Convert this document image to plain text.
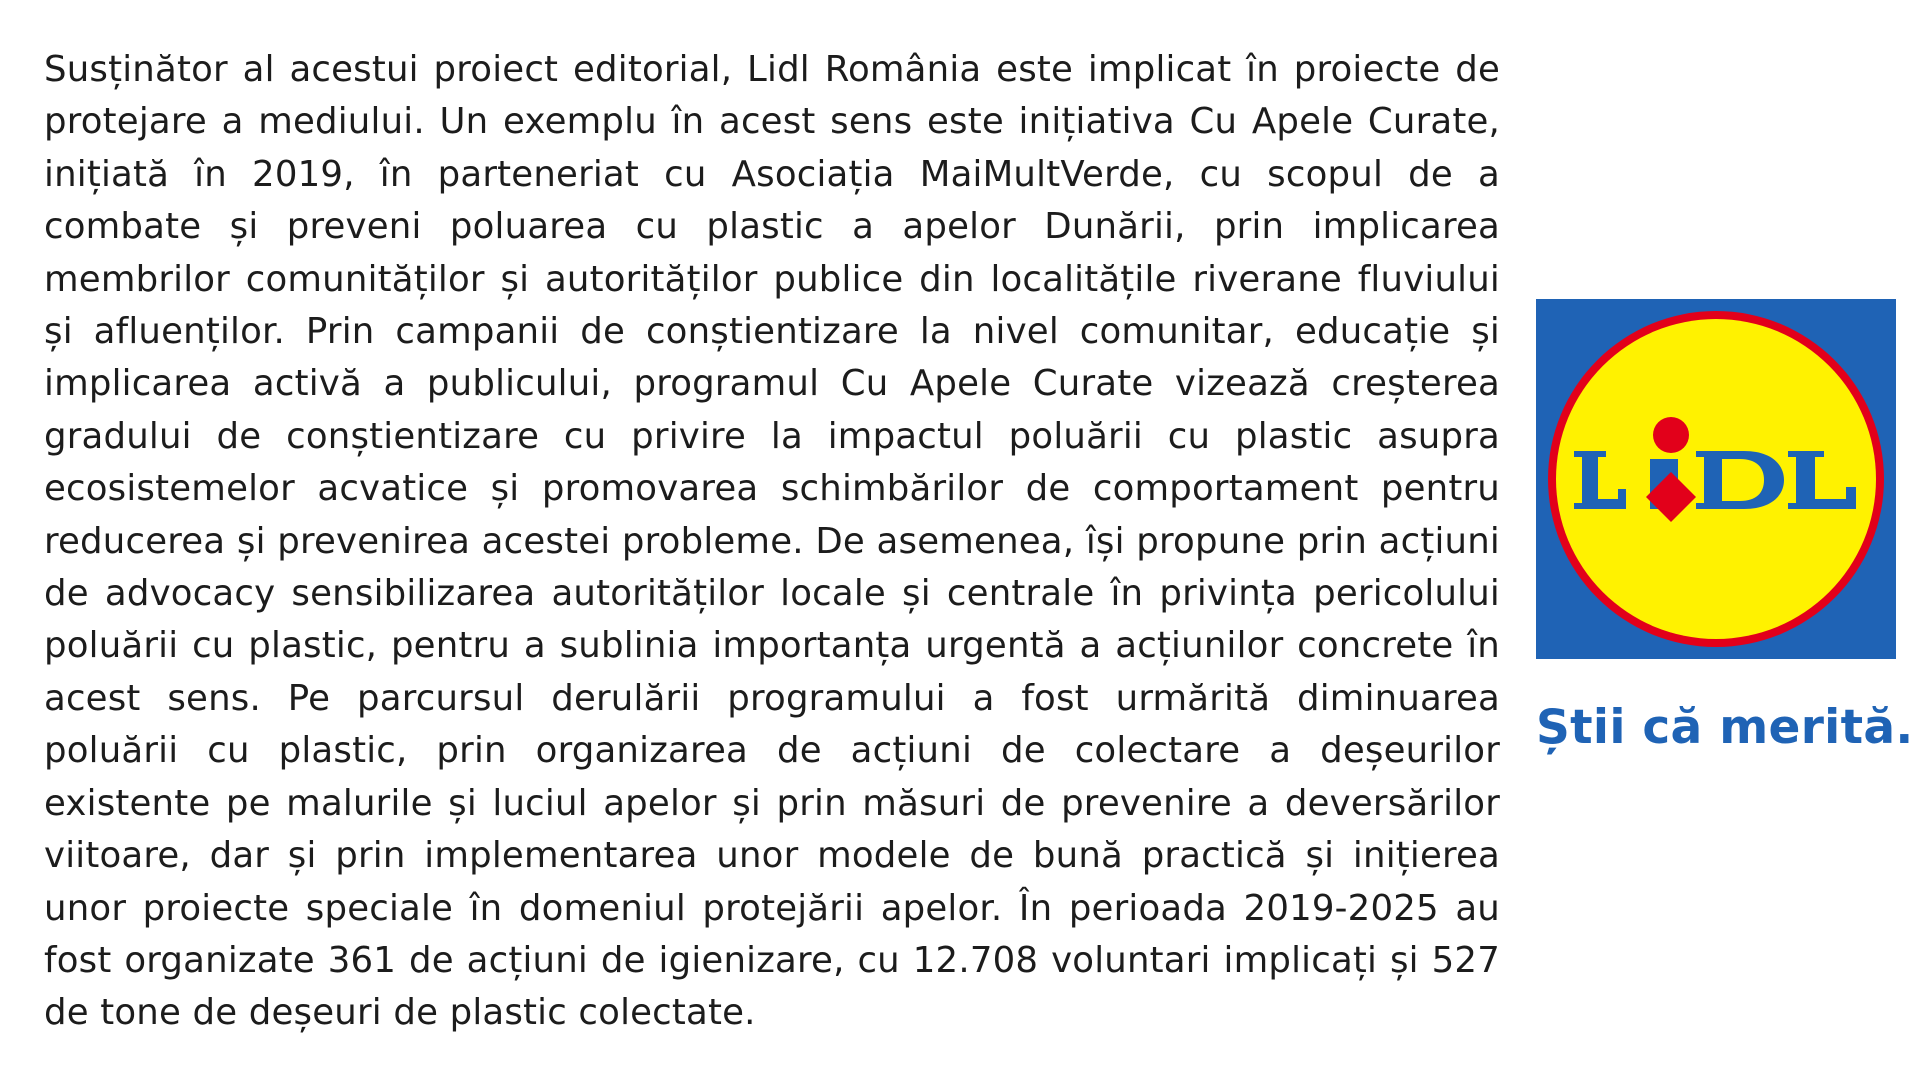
Susținător al acestui proiect editorial, Lidl România este implicat în proiecte de protejare a mediului. Un exemplu în acest sens este inițiativa Cu Apele Curate, inițiată în 2019, în parteneriat cu Asociația MaiMultVerde, cu scopul de a combate și preveni poluarea cu plastic a apelor Dunării, prin implicarea membrilor comunităților și autorităților publice din localitățile riverane fluviului și afluenților. Prin campanii de conștientizare la nivel comunitar, educație și implicarea activă a publicului, programul Cu Apele Curate vizează creșterea gradului de conștientizare cu privire la impactul poluării cu plastic asupra ecosistemelor acvatice și promovarea schimbărilor de comportament pentru reducerea și prevenirea acestei probleme. De asemenea, își propune prin acțiuni de advocacy sensibilizarea autorităților locale și centrale în privința pericolului poluării cu plastic, pentru a sublinia importanța urgentă a acțiunilor concrete în acest sens. Pe parcursul derulării programului a fost urmărită diminuarea poluării cu plastic, prin organizarea de acțiuni de colectare a deșeurilor existente pe malurile și luciul apelor și prin măsuri de prevenire a deversărilor viitoare, dar și prin implementarea unor modele de bună practică și inițierea unor proiecte speciale în domeniul protejării apelor. În perioada 2019-2025 au fost organizate 361 de acțiuni de igienizare, cu 12.708 voluntari implicați și 527 de tone de deșeuri de plastic colectate.

Știi că merită.
